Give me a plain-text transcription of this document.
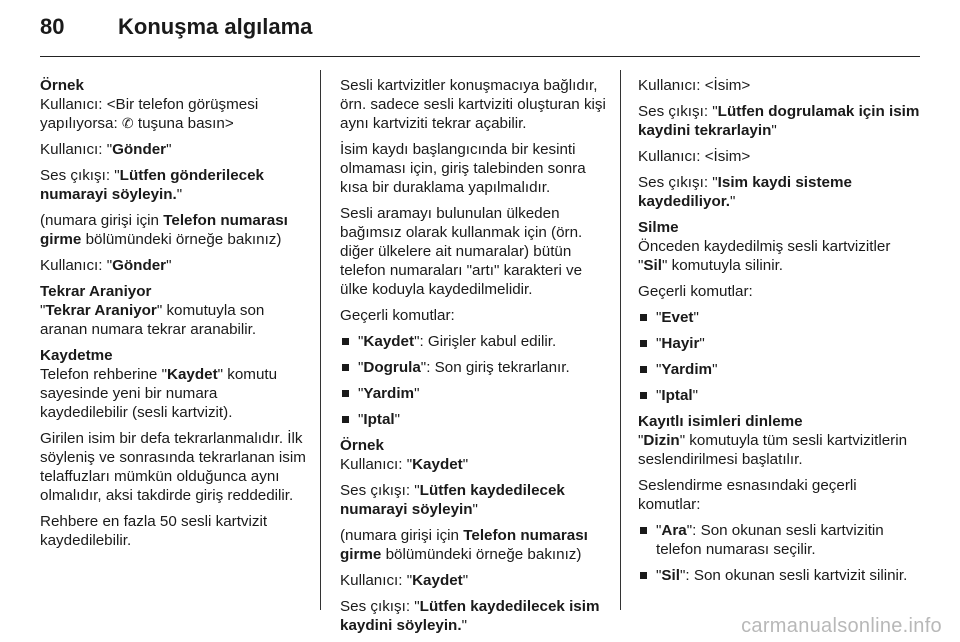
80 Konuşma algılama

Örnek

Kullanıcı: <Bir telefon görüşmesi yapılıyorsa: ✆ tuşuna basın>

Kullanıcı: "Gönder"

Ses çıkışı: "Lütfen gönderilecek numarayi söyleyin."

(numara girişi için Telefon numarası girme bölümündeki örneğe bakınız)

Kullanıcı: "Gönder"

Tekrar Araniyor

"Tekrar Araniyor" komutuyla son aranan numara tekrar aranabilir.

Kaydetme

Telefon rehberine "Kaydet" komutu sayesinde yeni bir numara kaydedilebilir (sesli kartvizit).

Girilen isim bir defa tekrarlanmalıdır. İlk söyleniş ve sonrasında tekrarlanan isim telaffuzları mümkün olduğunca aynı olmalıdır, aksi takdirde giriş reddedilir.

Rehbere en fazla 50 sesli kartvizit kaydedilebilir.

Sesli kartvizitler konuşmacıya bağlıdır, örn. sadece sesli kartviziti oluşturan kişi aynı kartviziti tekrar açabilir.

İsim kaydı başlangıcında bir kesinti olmaması için, giriş talebinden sonra kısa bir duraklama yapılmalıdır.

Sesli aramayı bulunulan ülkeden bağımsız olarak kullanmak için (örn. diğer ülkelere ait numaralar) bütün telefon numaraları "artı" karakteri ve ülke koduyla kaydedilmelidir.

Geçerli komutlar:

"Kaydet": Girişler kabul edilir.
"Dogrula": Son giriş tekrarlanır.
"Yardim"
"Iptal"

Örnek

Kullanıcı: "Kaydet"

Ses çıkışı: "Lütfen kaydedilecek numarayi söyleyin"

(numara girişi için Telefon numarası girme bölümündeki örneğe bakınız)

Kullanıcı: "Kaydet"

Ses çıkışı: "Lütfen kaydedilecek isim kaydini söyleyin."

Kullanıcı: <İsim>

Ses çıkışı: "Lütfen dogrulamak için isim kaydini tekrarlayin"

Kullanıcı: <İsim>

Ses çıkışı: "Isim kaydi sisteme kaydediliyor."

Silme

Önceden kaydedilmiş sesli kartvizitler "Sil" komutuyla silinir.

Geçerli komutlar:

"Evet"
"Hayir"
"Yardim"
"Iptal"

Kayıtlı isimleri dinleme

"Dizin" komutuyla tüm sesli kartvizitlerin seslendirilmesi başlatılır.

Seslendirme esnasındaki geçerli komutlar:

"Ara": Son okunan sesli kartvizitin telefon numarası seçilir.
"Sil": Son okunan sesli kartvizit silinir.
carmanualsonline.info
